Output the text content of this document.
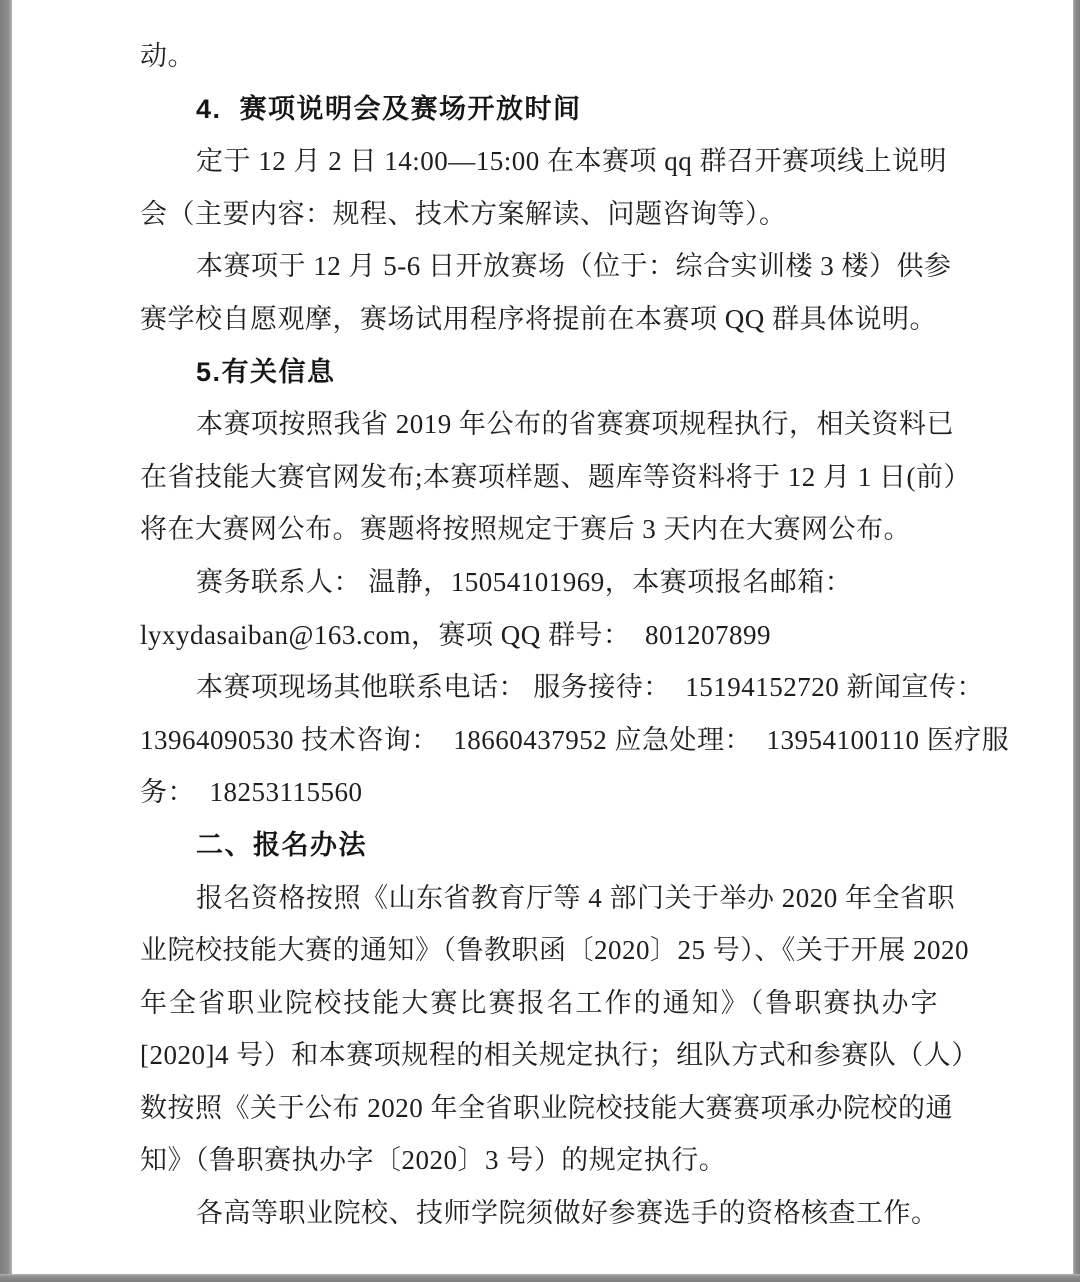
动。
4.  赛项说明会及赛场开放时间
定于 12 月 2 日 14:00—15:00 在本赛项 qq 群召开赛项线上说明
会（主要内容：规程、技术方案解读、问题咨询等）。
本赛项于 12 月 5-6 日开放赛场（位于：综合实训楼 3 楼）供参
赛学校自愿观摩，赛场试用程序将提前在本赛项 QQ 群具体说明。
5.有关信息
本赛项按照我省 2019 年公布的省赛赛项规程执行，相关资料已
在省技能大赛官网发布;本赛项样题、题库等资料将于 12 月 1 日(前）
将在大赛网公布。赛题将按照规定于赛后 3 天内在大赛网公布。
赛务联系人： 温静，15054101969，本赛项报名邮箱：
lyxydasaiban@163.com，赛项 QQ 群号：  801207899
本赛项现场其他联系电话： 服务接待：  15194152720 新闻宣传：
13964090530 技术咨询：  18660437952 应急处理：  13954100110 医疗服
务：  18253115560
二、报名办法
报名资格按照《山东省教育厅等 4 部门关于举办 2020 年全省职
业院校技能大赛的通知》（鲁教职函〔2020〕25 号）、《关于开展 2020
年全省职业院校技能大赛比赛报名工作的通知》（鲁职赛执办字
[2020]4 号）和本赛项规程的相关规定执行；组队方式和参赛队（人）
数按照《关于公布 2020 年全省职业院校技能大赛赛项承办院校的通
知》（鲁职赛执办字〔2020〕3 号）的规定执行。
各高等职业院校、技师学院须做好参赛选手的资格核查工作。
